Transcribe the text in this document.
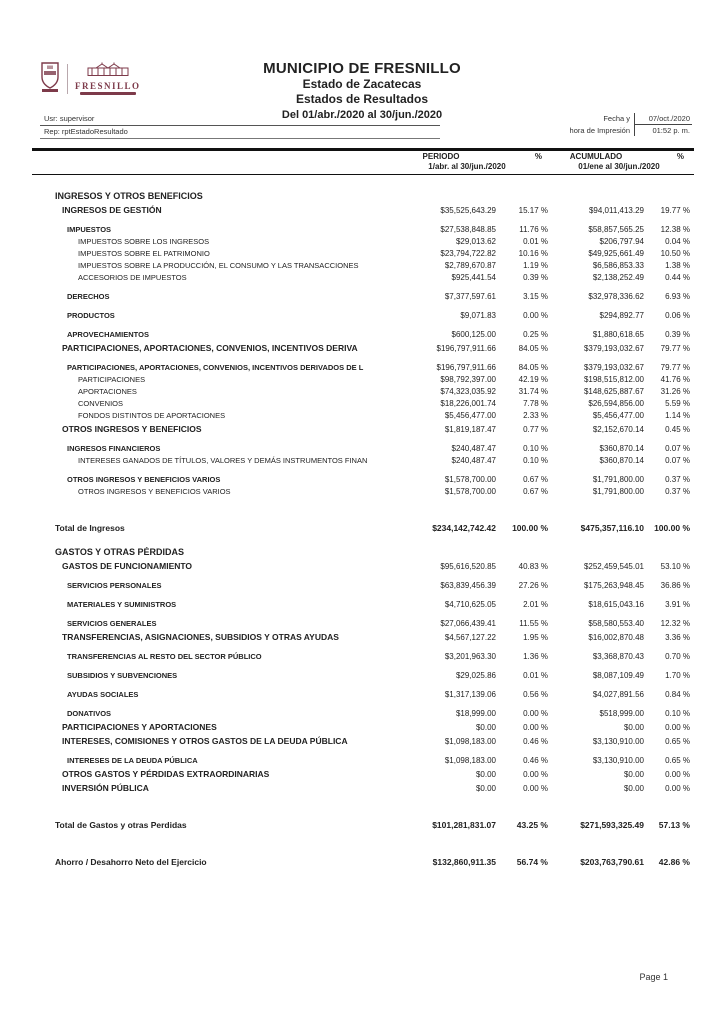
FRESNILLO
MUNICIPIO DE FRESNILLO
Estado de Zacatecas
Estados de Resultados
Del 01/abr./2020 al 30/jun./2020
Usr: supervisor
Rep: rptEstadoResultado
Fecha y	07/oct./2020
hora de Impresión	01:52 p. m.
PERIODO	%	ACUMULADO	%
1/abr. al 30/jun./2020	01/ene al 30/jun./2020
INGRESOS Y OTROS BENEFICIOS
INGRESOS DE GESTIÓN	$35,525,643.29	15.17 %	$94,011,413.29	19.77 %
IMPUESTOS	$27,538,848.85	11.76 %	$58,857,565.25	12.38 %
IMPUESTOS SOBRE LOS INGRESOS	$29,013.62	0.01 %	$206,797.94	0.04 %
IMPUESTOS SOBRE EL PATRIMONIO	$23,794,722.82	10.16 %	$49,925,661.49	10.50 %
IMPUESTOS SOBRE LA PRODUCCIÓN, EL CONSUMO Y LAS TRANSACCIONES	$2,789,670.87	1.19 %	$6,586,853.33	1.38 %
ACCESORIOS DE IMPUESTOS	$925,441.54	0.39 %	$2,138,252.49	0.44 %
DERECHOS	$7,377,597.61	3.15 %	$32,978,336.62	6.93 %
PRODUCTOS	$9,071.83	0.00 %	$294,892.77	0.06 %
APROVECHAMIENTOS	$600,125.00	0.25 %	$1,880,618.65	0.39 %
PARTICIPACIONES, APORTACIONES, CONVENIOS, INCENTIVOS DERIVA	$196,797,911.66	84.05 %	$379,193,032.67	79.77 %
PARTICIPACIONES, APORTACIONES, CONVENIOS, INCENTIVOS DERIVADOS DE L	$196,797,911.66	84.05 %	$379,193,032.67	79.77 %
PARTICIPACIONES	$98,792,397.00	42.19 %	$198,515,812.00	41.76 %
APORTACIONES	$74,323,035.92	31.74 %	$148,625,887.67	31.26 %
CONVENIOS	$18,226,001.74	7.78 %	$26,594,856.00	5.59 %
FONDOS DISTINTOS DE APORTACIONES	$5,456,477.00	2.33 %	$5,456,477.00	1.14 %
OTROS INGRESOS Y BENEFICIOS	$1,819,187.47	0.77 %	$2,152,670.14	0.45 %
INGRESOS FINANCIEROS	$240,487.47	0.10 %	$360,870.14	0.07 %
INTERESES GANADOS DE TÍTULOS, VALORES Y DEMÁS INSTRUMENTOS FINAN	$240,487.47	0.10 %	$360,870.14	0.07 %
OTROS INGRESOS Y BENEFICIOS VARIOS	$1,578,700.00	0.67 %	$1,791,800.00	0.37 %
OTROS INGRESOS Y BENEFICIOS VARIOS	$1,578,700.00	0.67 %	$1,791,800.00	0.37 %
Total de Ingresos	$234,142,742.42	100.00 %	$475,357,116.10	100.00 %
GASTOS Y OTRAS PÉRDIDAS
GASTOS DE FUNCIONAMIENTO	$95,616,520.85	40.83 %	$252,459,545.01	53.10 %
SERVICIOS PERSONALES	$63,839,456.39	27.26 %	$175,263,948.45	36.86 %
MATERIALES Y SUMINISTROS	$4,710,625.05	2.01 %	$18,615,043.16	3.91 %
SERVICIOS GENERALES	$27,066,439.41	11.55 %	$58,580,553.40	12.32 %
TRANSFERENCIAS, ASIGNACIONES, SUBSIDIOS Y OTRAS AYUDAS	$4,567,127.22	1.95 %	$16,002,870.48	3.36 %
TRANSFERENCIAS AL RESTO DEL SECTOR PÚBLICO	$3,201,963.30	1.36 %	$3,368,870.43	0.70 %
SUBSIDIOS Y SUBVENCIONES	$29,025.86	0.01 %	$8,087,109.49	1.70 %
AYUDAS SOCIALES	$1,317,139.06	0.56 %	$4,027,891.56	0.84 %
DONATIVOS	$18,999.00	0.00 %	$518,999.00	0.10 %
PARTICIPACIONES Y APORTACIONES	$0.00	0.00 %	$0.00	0.00 %
INTERESES, COMISIONES Y OTROS GASTOS DE LA DEUDA PÚBLICA	$1,098,183.00	0.46 %	$3,130,910.00	0.65 %
INTERESES DE LA DEUDA PÚBLICA	$1,098,183.00	0.46 %	$3,130,910.00	0.65 %
OTROS GASTOS Y PÉRDIDAS EXTRAORDINARIAS	$0.00	0.00 %	$0.00	0.00 %
INVERSIÓN PÚBLICA	$0.00	0.00 %	$0.00	0.00 %
Total de Gastos y otras Perdidas	$101,281,831.07	43.25 %	$271,593,325.49	57.13 %
Ahorro / Desahorro Neto del Ejercicio	$132,860,911.35	56.74 %	$203,763,790.61	42.86 %
Page 1
